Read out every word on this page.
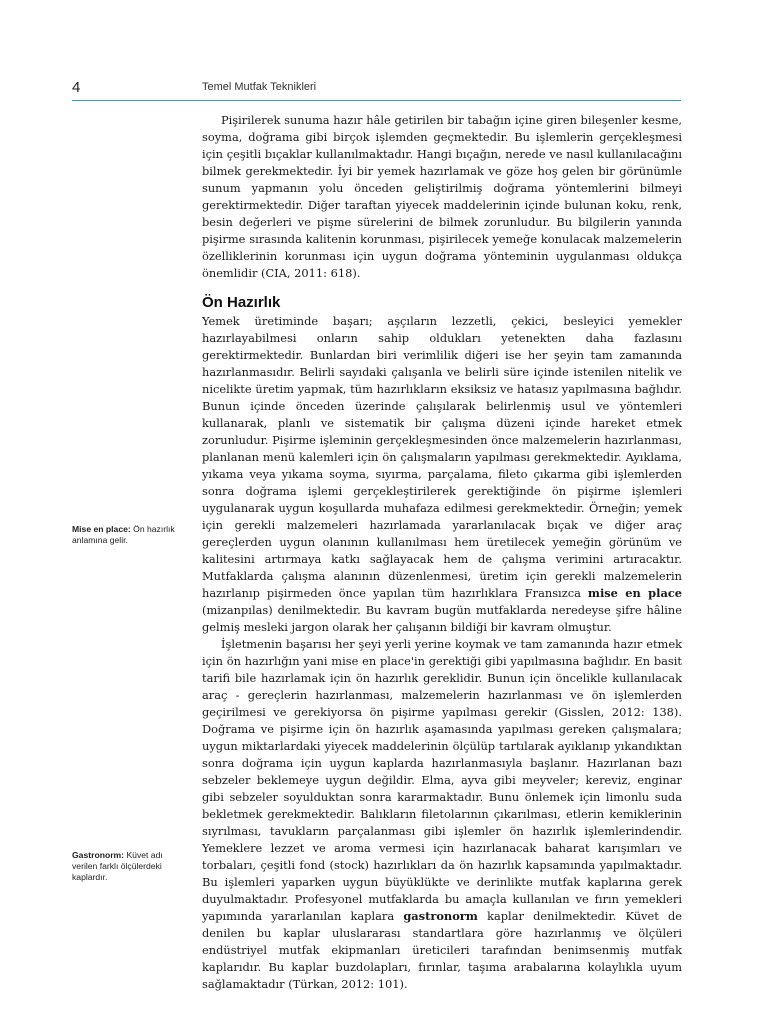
4	Temel Mutfak Teknikleri

Pişirilerek sunuma hazır hâle getirilen bir tabağın içine giren bileşenler kesme, soyma, doğrama gibi birçok işlemden geçmektedir. Bu işlemlerin gerçekleşmesi için çeşitli bıçaklar kullanılmaktadır. Hangi bıçağın, nerede ve nasıl kullanılacağını bilmek gerekmektedir. İyi bir yemek hazırlamak ve göze hoş gelen bir görünümle sunum yapmanın yolu önceden geliştirilmiş doğrama yöntemlerini bilmeyi gerektirmektedir. Diğer taraftan yiyecek maddelerinin içinde bulunan koku, renk, besin değerleri ve pişme sürelerini de bilmek zorunludur. Bu bilgilerin yanında pişirme sırasında kalitenin korunması, pişirilecek yemeğe konulacak malzemelerin özelliklerinin korunması için uygun doğrama yönteminin uygulanması oldukça önemlidir (CIA, 2011: 618).

Ön Hazırlık

Yemek üretiminde başarı; aşçıların lezzetli, çekici, besleyici yemekler hazırlayabilmesi onların sahip oldukları yetenekten daha fazlasını gerektirmektedir. Bunlardan biri verimlilik diğeri ise her şeyin tam zamanında hazırlanmasıdır. Belirli sayıdaki çalışanla ve belirli süre içinde istenilen nitelik ve nicelikte üretim yapmak, tüm hazırlıkların eksiksiz ve hatasız yapılmasına bağlıdır. Bunun içinde önceden üzerinde çalışılarak belirlenmiş usul ve yöntemleri kullanarak, planlı ve sistematik bir çalışma düzeni içinde hareket etmek zorunludur. Pişirme işleminin gerçekleşmesinden önce malzemelerin hazırlanması, planlanan menü kalemleri için ön çalışmaların yapılması gerekmektedir. Ayıklama, yıkama veya yıkama soyma, sıyırma, parçalama, fileto çıkarma gibi işlemlerden sonra doğrama işlemi gerçekleştirilerek gerektiğinde ön pişirme işlemleri uygulanarak uygun koşullarda muhafaza edilmesi gerekmektedir. Örneğin; yemek için gerekli malzemeleri hazırlamada yararlanılacak bıçak ve diğer araç gereçlerden uygun olanının kullanılması hem üretilecek yemeğin görünüm ve kalitesini artırmaya katkı sağlayacak hem de çalışma verimini artıracaktır. Mutfaklarda çalışma alanının düzenlenmesi, üretim için gerekli malzemelerin hazırlanıp pişirmeden önce yapılan tüm hazırlıklara Fransızca mise en place (mizanpılas) denilmektedir. Bu kavram bugün mutfaklarda neredeyse şifre hâline gelmiş mesleki jargon olarak her çalışanın bildiği bir kavram olmuştur.

İşletmenin başarısı her şeyi yerli yerine koymak ve tam zamanında hazır etmek için ön hazırlığın yani mise en place'in gerektiği gibi yapılmasına bağlıdır. En basit tarifi bile hazırlamak için ön hazırlık gereklidir. Bunun için öncelikle kullanılacak araç - gereçlerin hazırlanması, malzemelerin hazırlanması ve ön işlemlerden geçirilmesi ve gerekiyorsa ön pişirme yapılması gerekir (Gisslen, 2012: 138). Doğrama ve pişirme için ön hazırlık aşamasında yapılması gereken çalışmalara; uygun miktarlardaki yiyecek maddelerinin ölçülüp tartılarak ayıklanıp yıkandıktan sonra doğrama için uygun kaplarda hazırlanmasıyla başlanır. Hazırlanan bazı sebzeler beklemeye uygun değildir. Elma, ayva gibi meyveler; kereviz, enginar gibi sebzeler soyulduktan sonra kararmaktadır. Bunu önlemek için limonlu suda bekletmek gerekmektedir. Balıkların filetolarının çıkarılması, etlerin kemiklerinin sıyrılması, tavukların parçalanması gibi işlemler ön hazırlık işlemlerindendir. Yemeklere lezzet ve aroma vermesi için hazırlanacak baharat karışımları ve torbaları, çeşitli fond (stock) hazırlıkları da ön hazırlık kapsamında yapılmaktadır. Bu işlemleri yaparken uygun büyüklükte ve derinlikte mutfak kaplarına gerek duyulmaktadır. Profesyonel mutfaklarda bu amaçla kullanılan ve fırın yemekleri yapımında yararlanılan kaplara gastronorm kaplar denilmektedir. Küvet de denilen bu kaplar uluslararası standartlara göre hazırlanmış ve ölçüleri endüstriyel mutfak ekipmanları üreticileri tarafından benimsenmiş mutfak kaplarıdır. Bu kaplar buzdolapları, fırınlar, taşıma arabalarına kolaylıkla uyum sağlamaktadır (Türkan, 2012: 101).

Mise en place: Ön hazırlık anlamına gelir.
Gastronorm: Küvet adı verilen farklı ölçülerdeki kaplardır.
